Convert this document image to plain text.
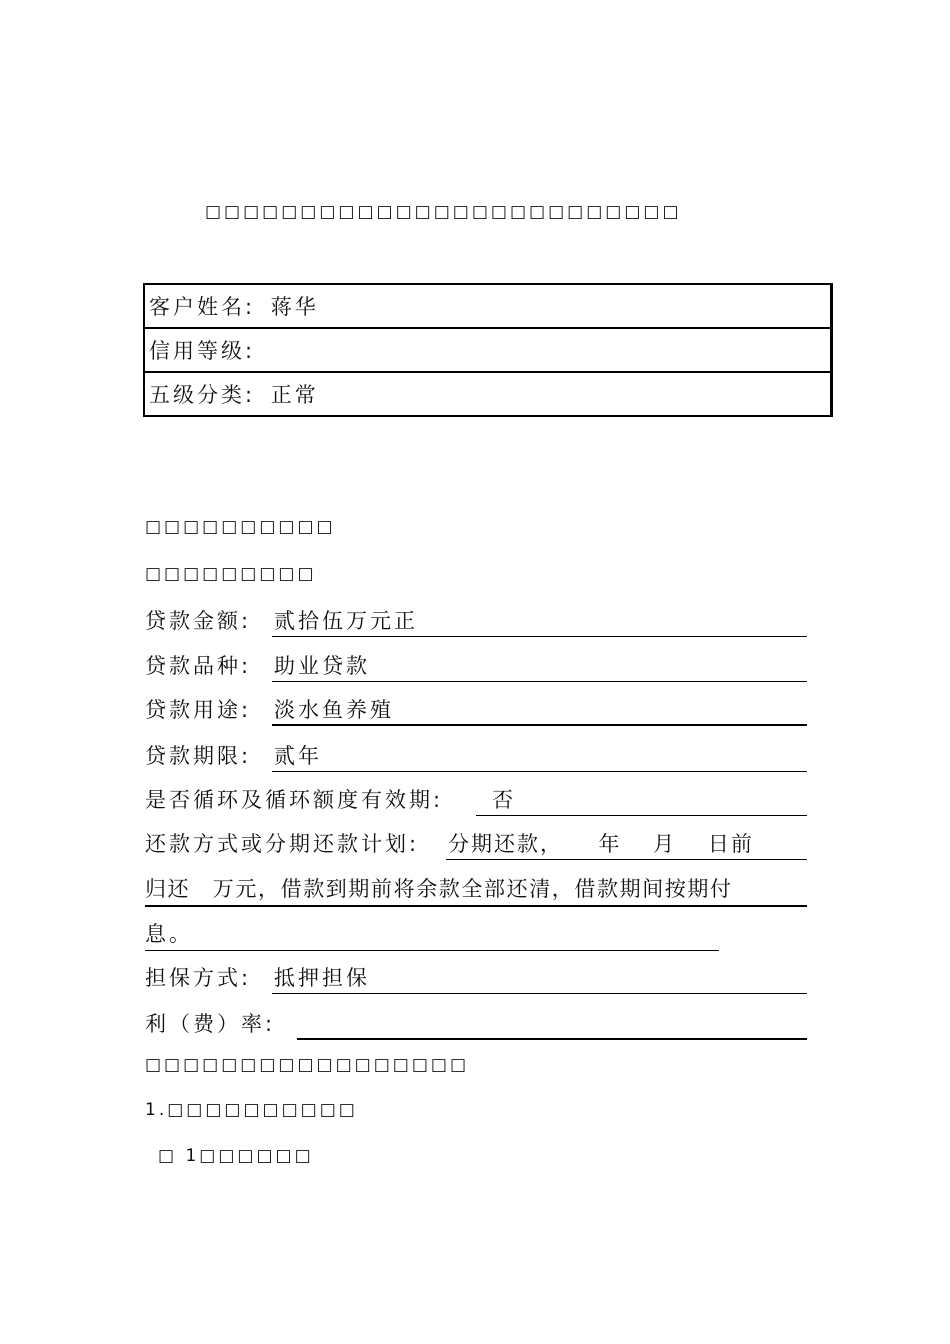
□□□□□□□□□□□□□□□□□□□□□□□□□
客户姓名: 蒋华
信用等级:
五级分类: 正常
□□□□□□□□□□
□□□□□□□□□
贷款金额: 贰拾伍万元正
贷款品种: 助业贷款
贷款用途: 淡水鱼养殖
贷款期限: 贰年
是否循环及循环额度有效期:	否
还款方式或分期还款计划: 分期还款，　　年　 月　 日前
归还　万元，借款到期前将余款全部还清，借款期间按期付
息。
担保方式: 抵押担保
利（费）率:
□□□□□□□□□□□□□□□□□
1.□□□□□□□□□□
□ 1□□□□□□
